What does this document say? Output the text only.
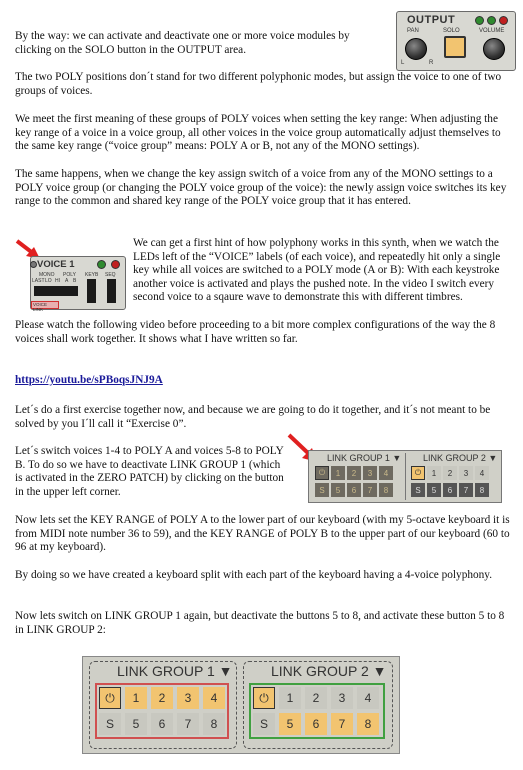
OUTPUT
PAN	SOLO	VOLUME
L	R

By the way: we can activate and deactivate one or more voice modules by clicking on the SOLO button in the OUTPUT area.

The two POLY positions don´t stand for two different polyphonic modes, but assign the voice to one of two groups of voices.

We meet the first meaning of these groups of POLY voices when setting the key range: When adjusting the key range of a voice in a voice group, all other voices in the voice group automatically adjust themselves to the same key range (“voice group” means: POLY A or B, not any of the MONO settings).

The same happens, when we change the key assign switch of a voice from any of the MONO settings to a POLY voice group (or changing the POLY voice group of the voice): the newly assign voice switches its key range to the common and shared key range of the POLY voice group that it has entered.

VOICE 1
MONO POLY KEYB SEQ
LAST LO HI A B
VOICE LINK

We can get a first hint of how polyphony works in this synth, when we watch the LEDs left of the “VOICE” labels (of each voice), and repeatedly hit only a single key while all voices are switched to a POLY mode (A or B): With each keystroke another voice is activated and plays the pushed note. In the video I switch every second voice to a sqaure wave to demonstrate this with different timbres.

Please watch the following video before proceeding to a bit more complex configurations of the way the 8 voices shall work together. It shows what I have written so far.

https://youtu.be/sPBoqsJNJ9A

Let´s do a first exercise together now, and because we are going to do it together, and it´s not meant to be solved by you I´ll call it “Exercise 0”.

Let´s switch voices 1-4 to POLY A and voices 5-8 to POLY B. To do so we have to deactivate LINK GROUP 1 (which is activated in the ZERO PATCH) by clicking on the button in the upper left corner.

LINK GROUP 1 ▼ LINK GROUP 2 ▼
⏻	1	2	3	4
S	5	6	7	8
⏻	1	2	3	4
S	5	6	7	8

Now lets set the KEY RANGE of POLY A to the lower part of our keyboard (with my 5-octave keyboard it is from MIDI note number 36 to 59), and the KEY RANGE of POLY B to the upper part of our keyboard (60 to 96 at my keyboard).

By doing so we have created a keyboard split with each part of the keyboard having a 4-voice polyphony.

Now lets switch on LINK GROUP 1 again, but deactivate the buttons 5 to 8, and activate these button 5 to 8 in LINK GROUP 2:

LINK GROUP 1 ▼	LINK GROUP 2 ▼
⏻	1	2	3	4
S	5	6	7	8
⏻	1	2	3	4
S	5	6	7	8
